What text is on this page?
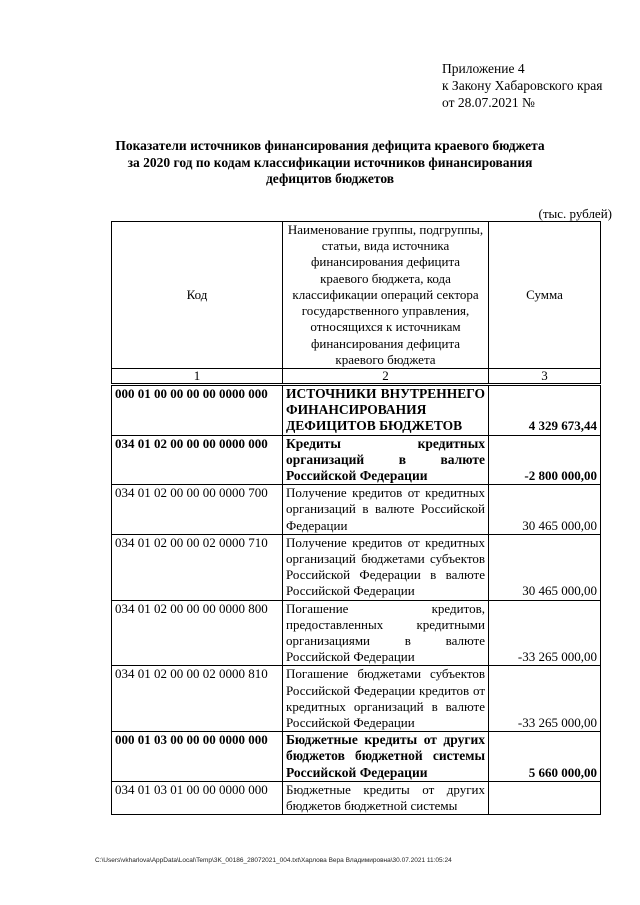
Приложение 4
к Закону Хабаровского края
от 28.07.2021 №
Показатели источников финансирования дефицита краевого бюджета за 2020 год по кодам классификации источников финансирования дефицитов бюджетов
(тыс. рублей)
Код	Наименование группы, подгруппы, статьи, вида источника финансирования дефицита краевого бюджета, кода классификации операций сектора государственного управления, относящихся к источникам финансирования дефицита краевого бюджета	Сумма
1	2	3
000 01 00 00 00 00 0000 000	ИСТОЧНИКИ ВНУТРЕННЕГО ФИНАНСИРОВАНИЯ ДЕФИЦИТОВ БЮДЖЕТОВ	4 329 673,44
034 01 02 00 00 00 0000 000	Кредиты кредитных организаций в валюте Российской Федерации	-2 800 000,00
034 01 02 00 00 00 0000 700	Получение кредитов от кредитных организаций в валюте Российской Федерации	30 465 000,00
034 01 02 00 00 02 0000 710	Получение кредитов от кредитных организаций бюджетами субъектов Российской Федерации в валюте Российской Федерации	30 465 000,00
034 01 02 00 00 00 0000 800	Погашение кредитов, предоставленных кредитными организациями в валюте Российской Федерации	-33 265 000,00
034 01 02 00 00 02 0000 810	Погашение бюджетами субъектов Российской Федерации кредитов от кредитных организаций в валюте Российской Федерации	-33 265 000,00
000 01 03 00 00 00 0000 000	Бюджетные кредиты от других бюджетов бюджетной системы Российской Федерации	5 660 000,00
034 01 03 01 00 00 0000 000	Бюджетные кредиты от других бюджетов бюджетной системы	
C:\Users\vkharlova\AppData\Local\Temp\3K_00186_28072021_004.txt\Харлова Вера Владимировна\30.07.2021 11:05:24
